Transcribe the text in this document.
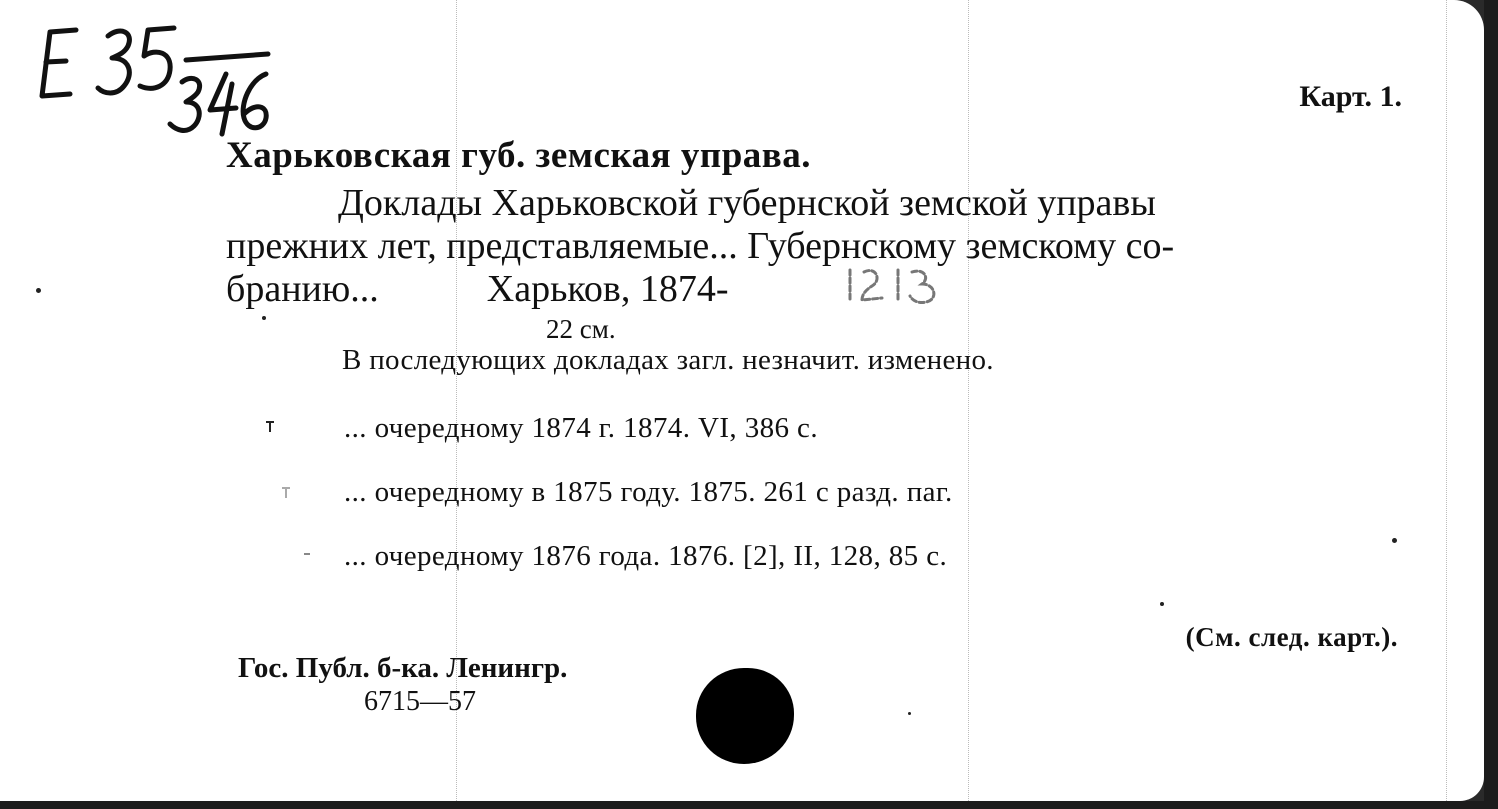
Карт. 1.
Харьковская губ. земская управа.
Доклады Харьковской губернской земской управы
прежних лет, представляемые... Губернскому земскому со-
бранию...	Харьков, 1874-
22 см.
В последующих докладах загл. незначит. изменено.
... очередному 1874 г. 1874. VI, 386 с.
... очередному в 1875 году. 1875. 261 с разд. паг.
... очередному 1876 года. 1876. [2], II, 128, 85 с.
(См. след. карт.).
Гос. Публ. б-ка. Ленингр.
6715—57
